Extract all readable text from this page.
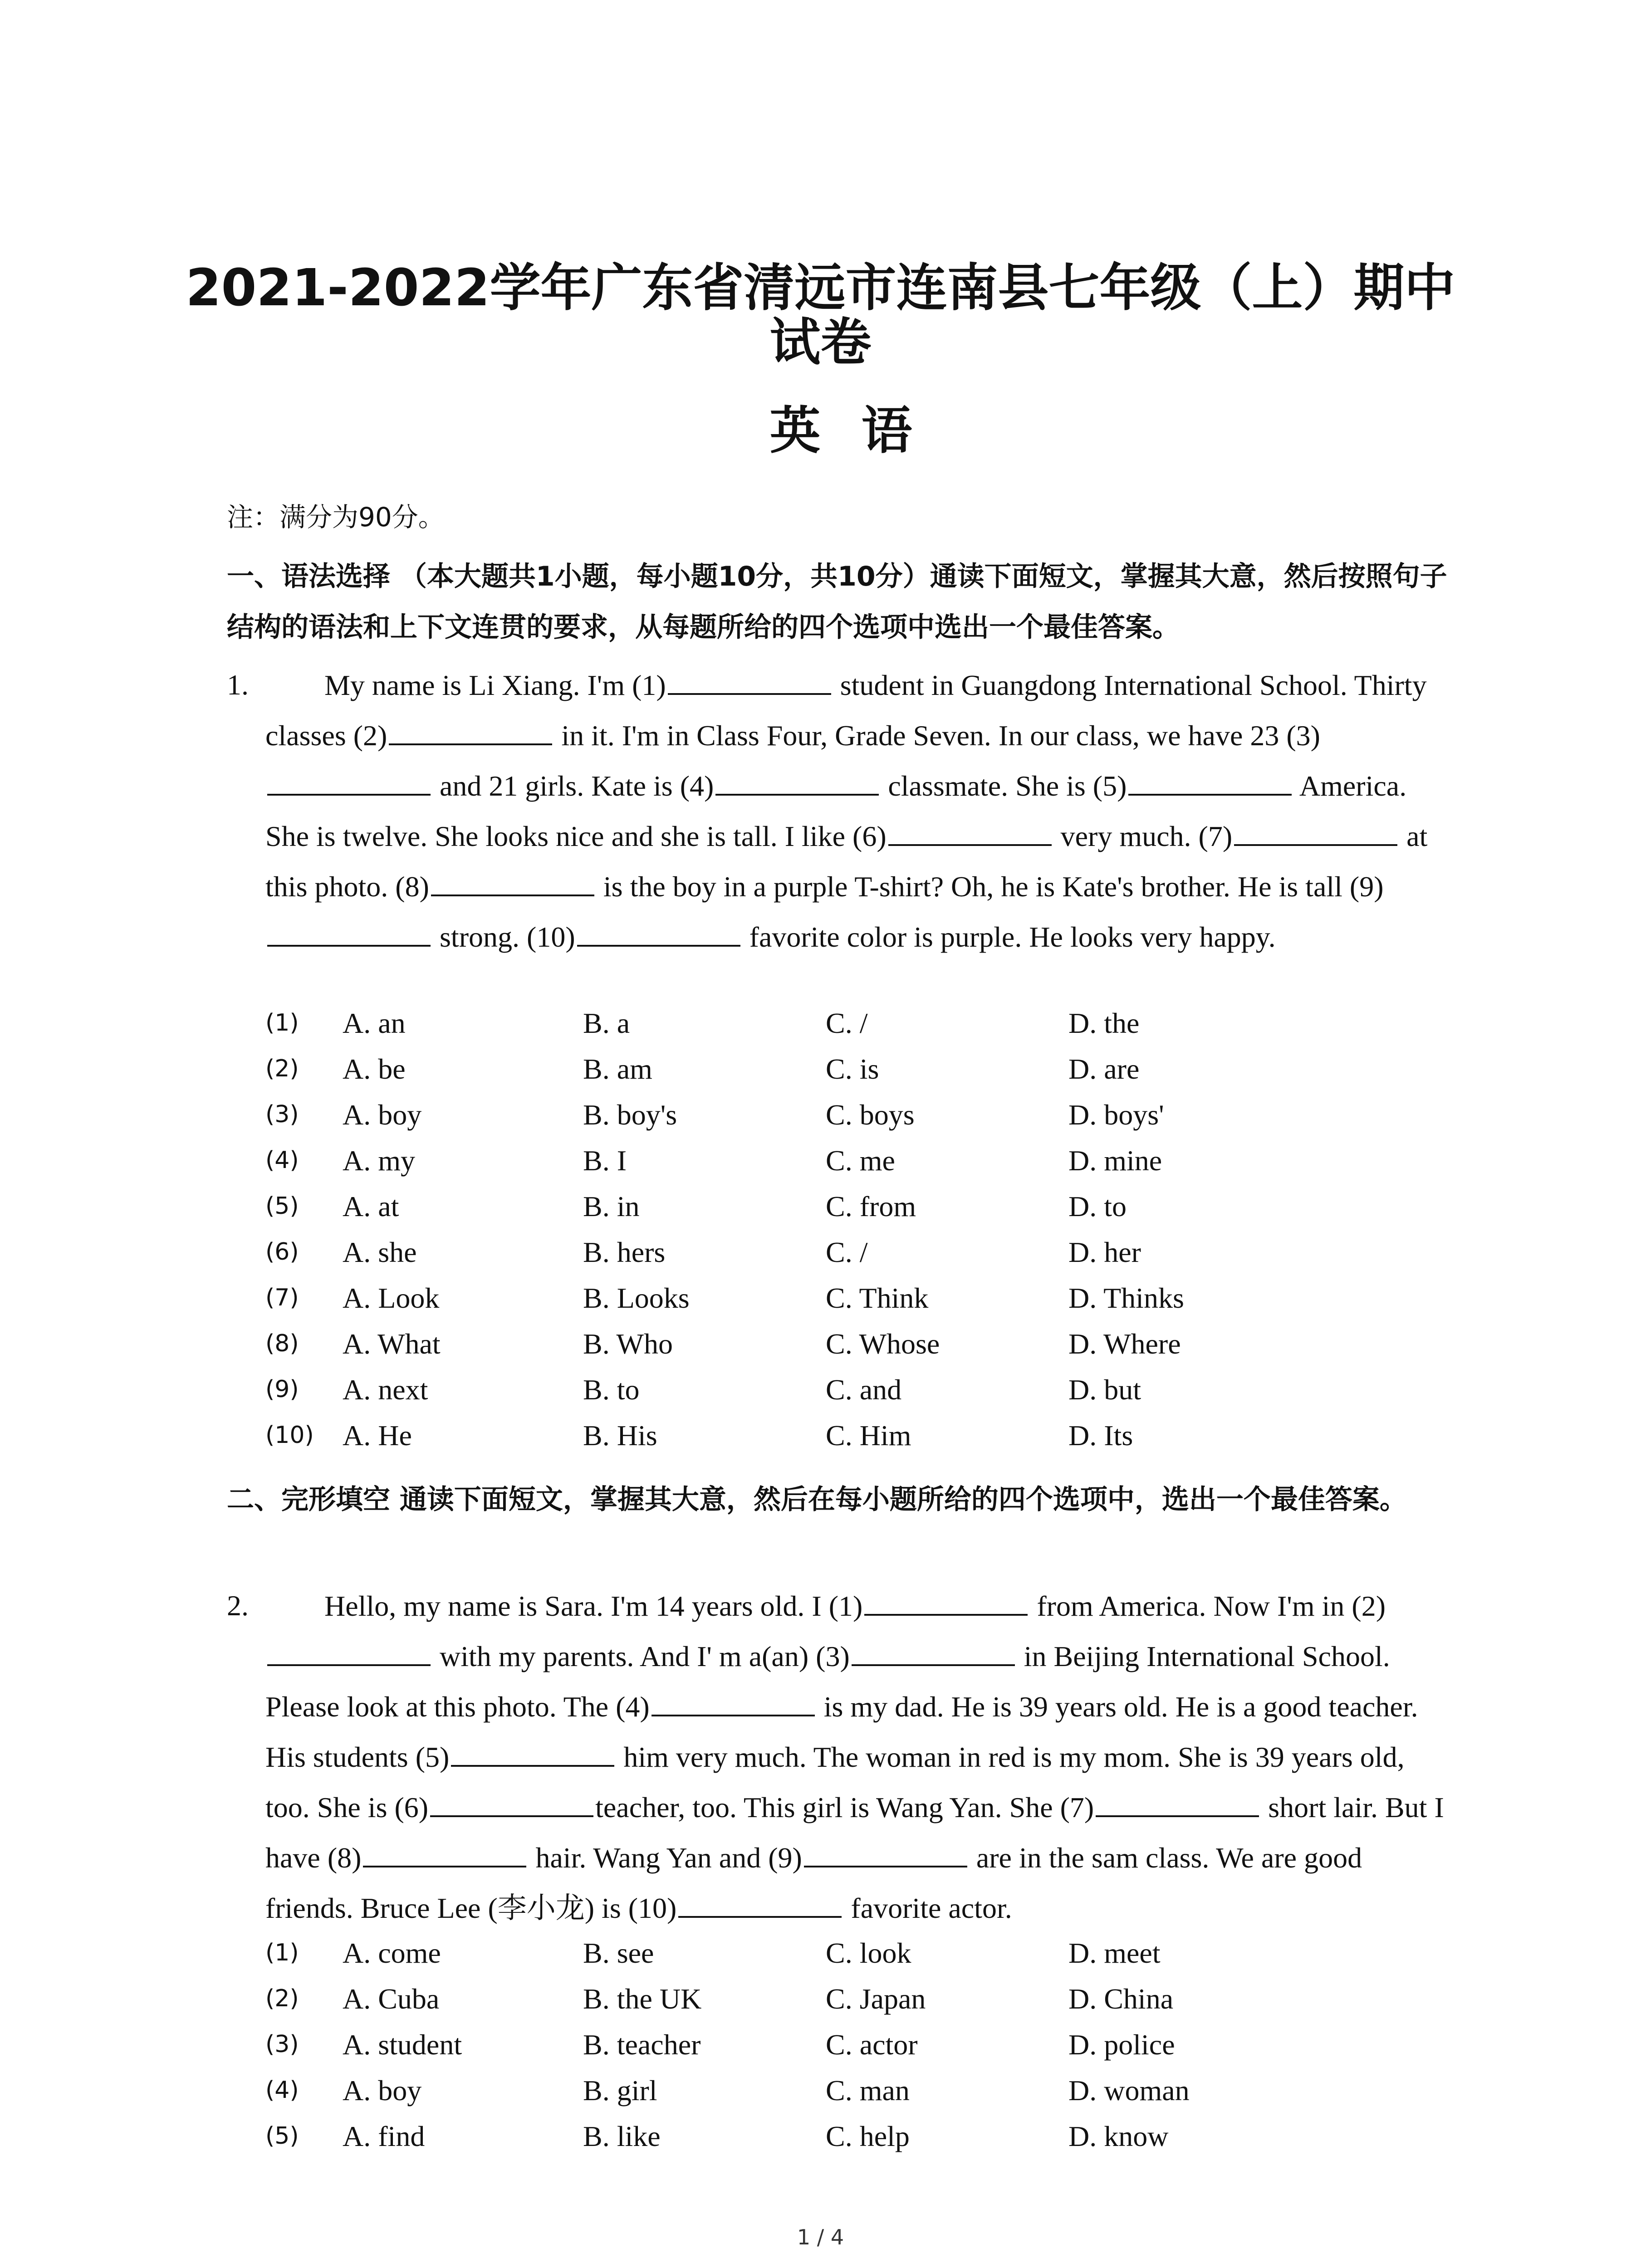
2021-2022学年广东省清远市连南县七年级（上）期中
试卷
英语
注：满分为90分。
一、语法选择 （本大题共1小题，每小题10分，共10分）通读下面短文，掌握其大意，然后按照句子结构的语法和上下文连贯的要求，从每题所给的四个选项中选出一个最佳答案。
1.	My name is Li Xiang. I'm (1)	student in Guangdong International School. Thirty classes (2)	in it. I'm in Class Four, Grade Seven. In our class, we have 23 (3) and 21 girls. Kate is (4)	classmate. She is (5)	America. She is twelve. She looks nice and she is tall. I like (6)	very much. (7)	at this photo. (8)	is the boy in a purple T-shirt? Oh, he is Kate's brother. He is tall (9) strong. (10)	favorite color is purple. He looks very happy.
(1)	A. an	B. a	C. /	D. the
(2)	A. be	B. am	C. is	D. are
(3)	A. boy	B. boy's	C. boys	D. boys'
(4)	A. my	B. I	C. me	D. mine
(5)	A. at	B. in	C. from	D. to
(6)	A. she	B. hers	C. /	D. her
(7)	A. Look	B. Looks	C. Think	D. Thinks
(8)	A. What	B. Who	C. Whose	D. Where
(9)	A. next	B. to	C. and	D. but
(10) A. He	B. His	C. Him	D. Its
二、完形填空 通读下面短文，掌握其大意，然后在每小题所给的四个选项中，选出一个最佳答案。
2.	Hello, my name is Sara. I'm 14 years old. I (1)	from America. Now I'm in (2) with my parents. And I' m a(an) (3)	in Beijing International School. Please look at this photo. The (4)	is my dad. He is 39 years old. He is a good teacher. His students (5)	him very much. The woman in red is my mom. She is 39 years old, too. She is (6)	teacher, too. This girl is Wang Yan. She (7)	short lair. But I have (8)	hair. Wang Yan and (9)	are in the sam class. We are good friends. Bruce Lee (李小龙) is (10)	favorite actor.
(1)	A. come	B. see	C. look	D. meet
(2)	A. Cuba	B. the UK	C. Japan	D. China
(3)	A. student	B. teacher	C. actor	D. police
(4)	A. boy	B. girl	C. man	D. woman
(5)	A. find	B. like	C. help	D. know
1 / 4
